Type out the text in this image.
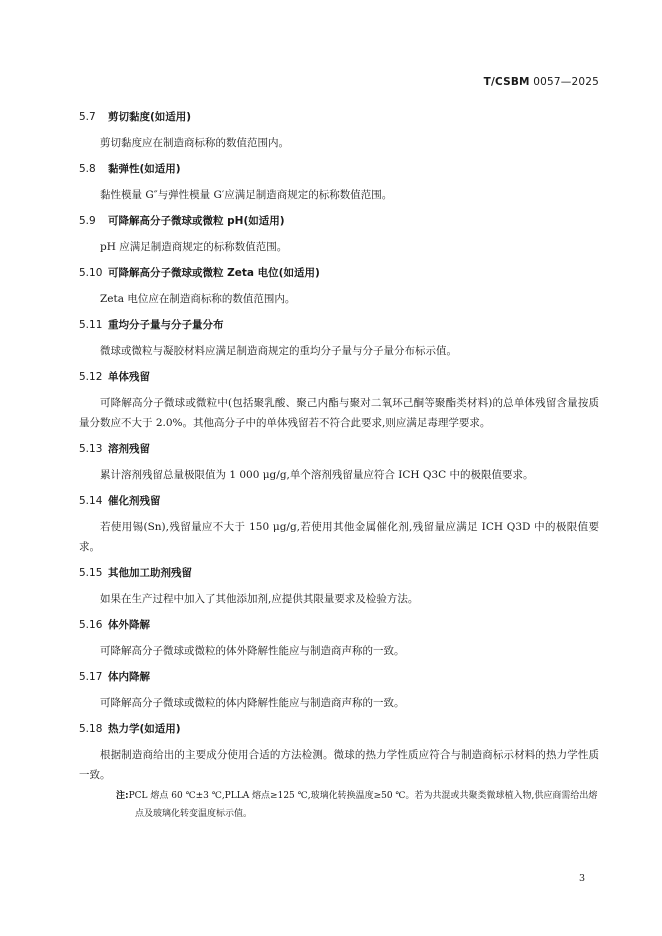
T/CSBM 0057—2025
5.7 剪切黏度(如适用)

剪切黏度应在制造商标称的数值范围内。

5.8 黏弹性(如适用)

黏性模量 G″与弹性模量 G′应满足制造商规定的标称数值范围。

5.9 可降解高分子微球或微粒 pH(如适用)

pH 应满足制造商规定的标称数值范围。

5.10 可降解高分子微球或微粒 Zeta 电位(如适用)

Zeta 电位应在制造商标称的数值范围内。

5.11 重均分子量与分子量分布

微球或微粒与凝胶材料应满足制造商规定的重均分子量与分子量分布标示值。

5.12 单体残留

可降解高分子微球或微粒中(包括聚乳酸、聚己内酯与聚对二氧环己酮等聚酯类材料)的总单体残留含量按质量分数应不大于 2.0%。其他高分子中的单体残留若不符合此要求,则应满足毒理学要求。

5.13 溶剂残留

累计溶剂残留总量极限值为 1 000 μg/g,单个溶剂残留量应符合 ICH Q3C 中的极限值要求。

5.14 催化剂残留

若使用锡(Sn),残留量应不大于 150 μg/g,若使用其他金属催化剂,残留量应满足 ICH Q3D 中的极限值要求。

5.15 其他加工助剂残留

如果在生产过程中加入了其他添加剂,应提供其限量要求及检验方法。

5.16 体外降解

可降解高分子微球或微粒的体外降解性能应与制造商声称的一致。

5.17 体内降解

可降解高分子微球或微粒的体内降解性能应与制造商声称的一致。

5.18 热力学(如适用)

根据制造商给出的主要成分使用合适的方法检测。微球的热力学性质应符合与制造商标示材料的热力学性质一致。

注:PCL 熔点 60 ℃±3 ℃,PLLA 熔点≥125 ℃,玻璃化转换温度≥50 ℃。若为共混或共聚类微球植入物,供应商需给出熔点及玻璃化转变温度标示值。
3
